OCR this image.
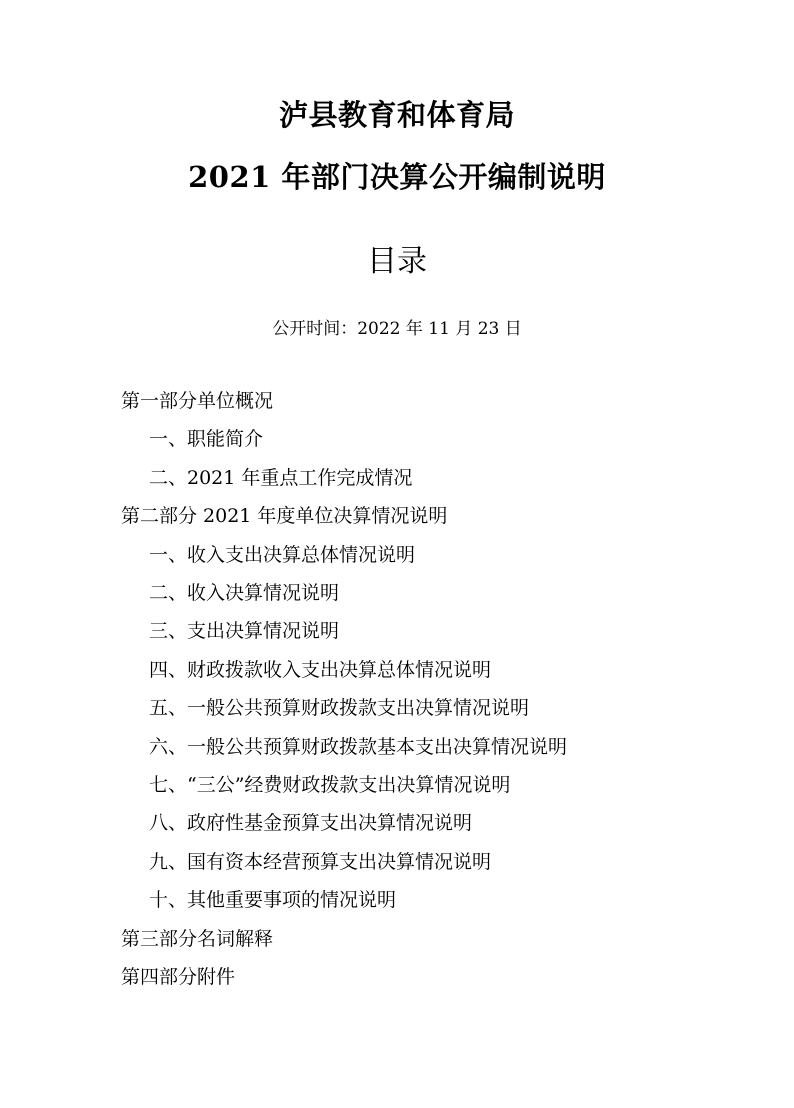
泸县教育和体育局
2021 年部门决算公开编制说明
目录
公开时间：2022 年 11 月 23 日
第一部分单位概况
一、职能简介
二、2021 年重点工作完成情况
第二部分 2021 年度单位决算情况说明
一、收入支出决算总体情况说明
二、收入决算情况说明
三、支出决算情况说明
四、财政拨款收入支出决算总体情况说明
五、一般公共预算财政拨款支出决算情况说明
六、一般公共预算财政拨款基本支出决算情况说明
七、“三公”经费财政拨款支出决算情况说明
八、政府性基金预算支出决算情况说明
九、国有资本经营预算支出决算情况说明
十、其他重要事项的情况说明
第三部分名词解释
第四部分附件
